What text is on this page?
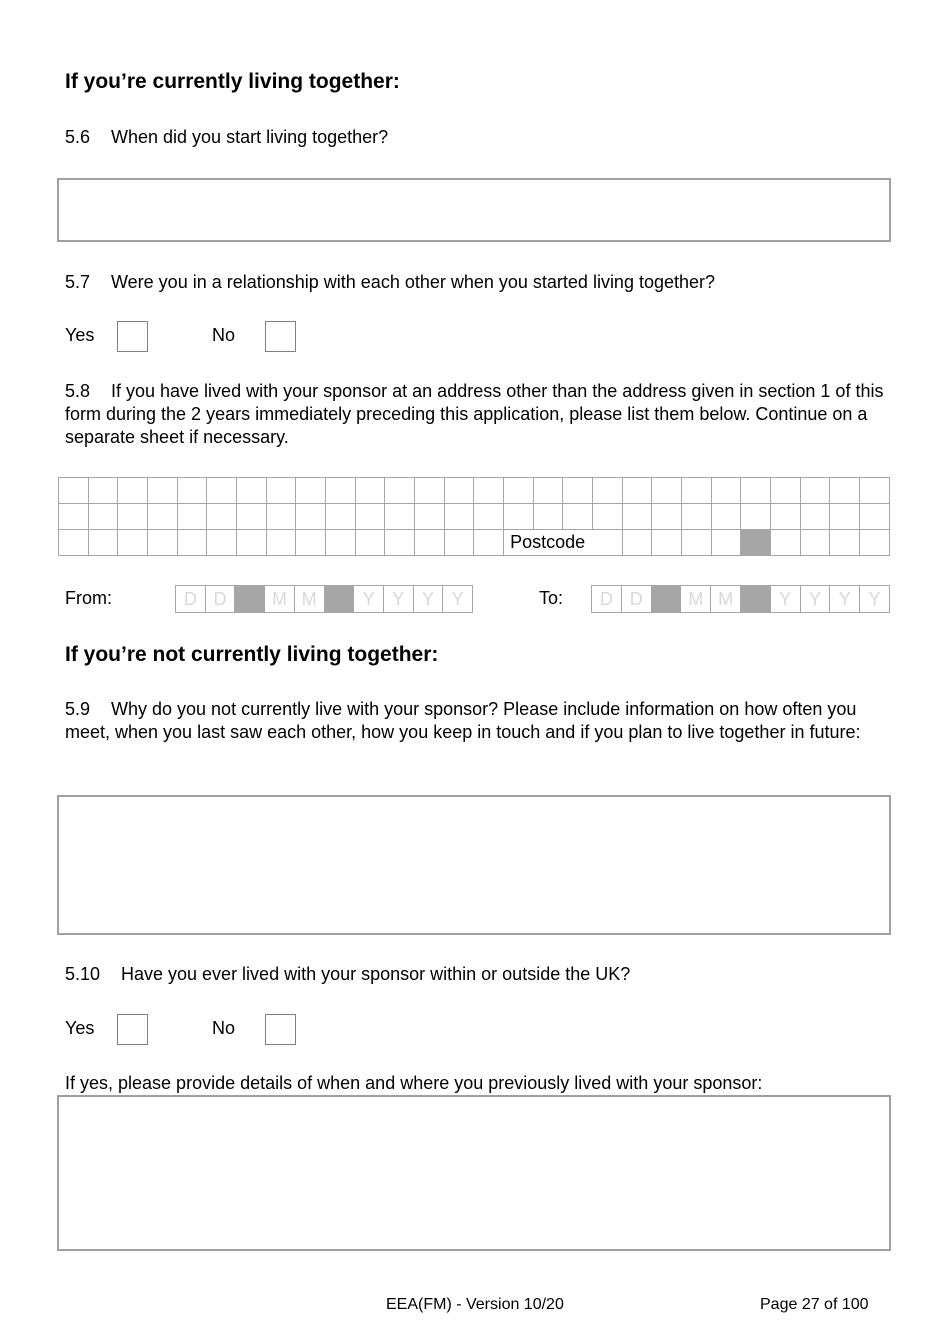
If you’re currently living together:
5.6 When did you start living together?
5.7 Were you in a relationship with each other when you started living together?
Yes	No
5.8 If you have lived with your sponsor at an address other than the address given in section 1 of this form during the 2 years immediately preceding this application, please list them below. Continue on a separate sheet if necessary.

															Postcode												
From:	D D	M M	Y Y Y Y	To:	D D	M M	Y Y Y Y
If you’re not currently living together:
5.9 Why do you not currently live with your sponsor? Please include information on how often you meet, when you last saw each other, how you keep in touch and if you plan to live together in future:
5.10 Have you ever lived with your sponsor within or outside the UK?
Yes	No
If yes, please provide details of when and where you previously lived with your sponsor:
EEA(FM) - Version 10/20	Page 27 of 100
